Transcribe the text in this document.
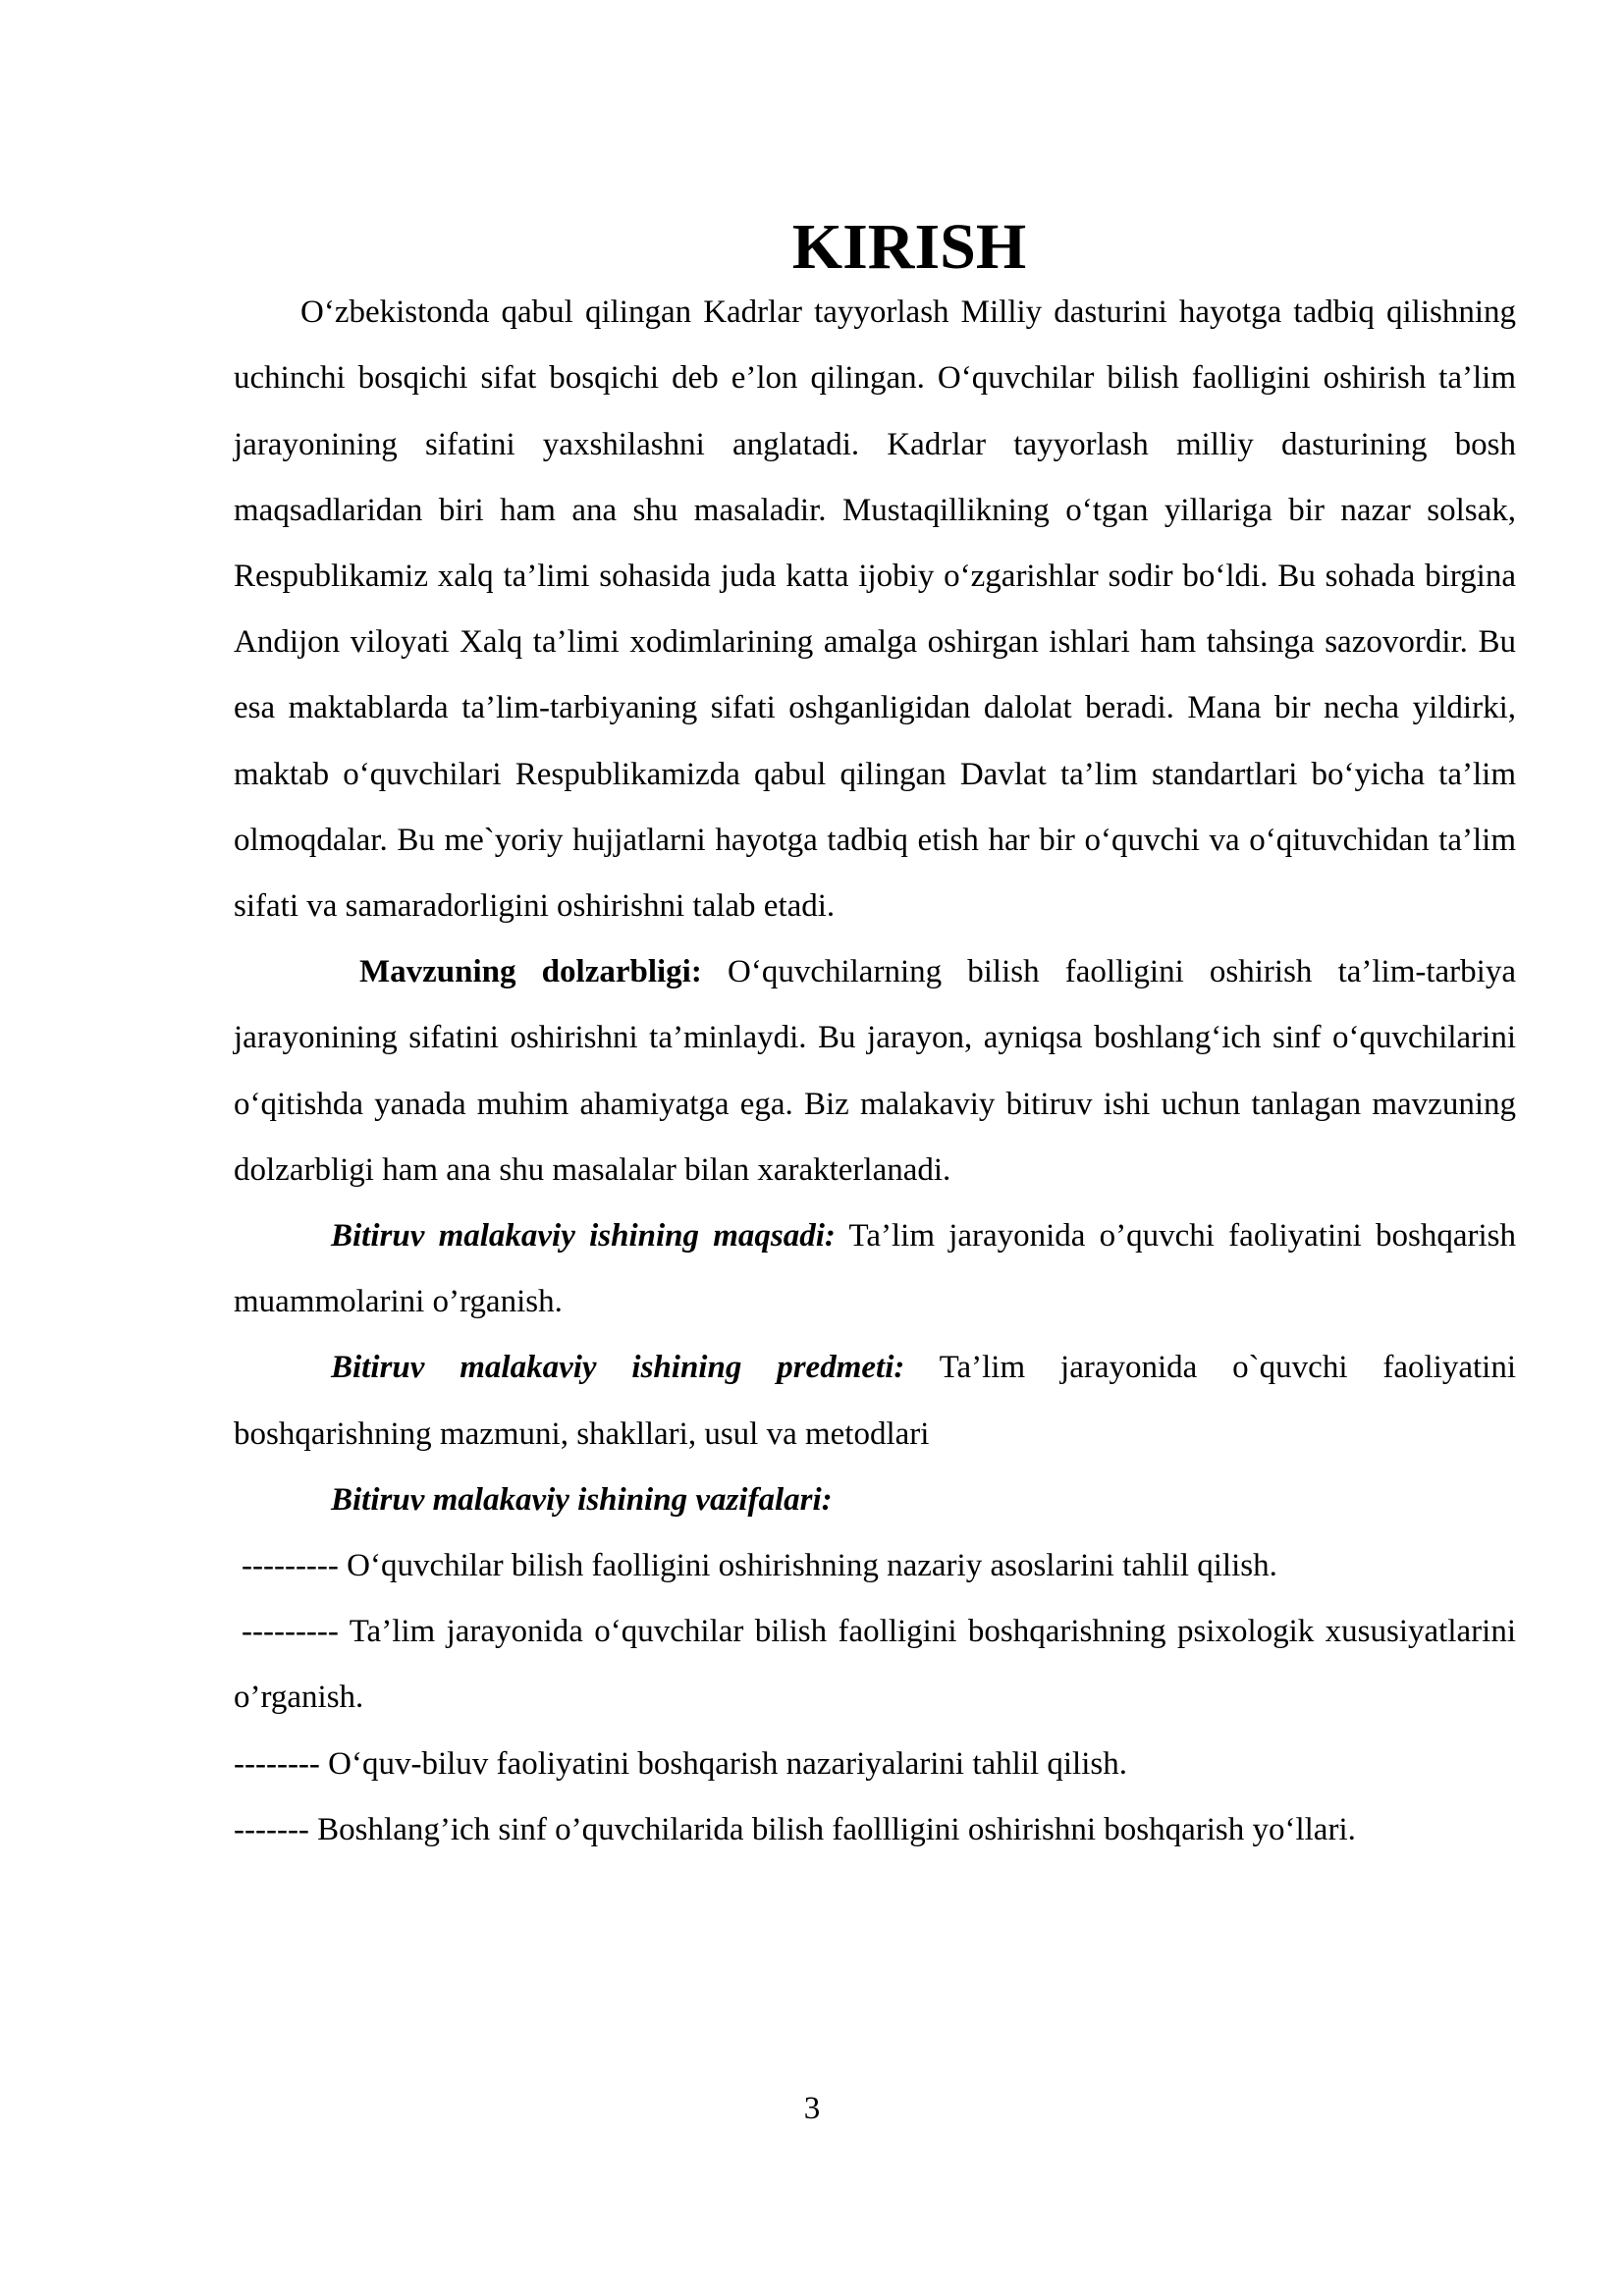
KIRISH

O‘zbekistonda qabul qilingan Kadrlar tayyorlash Milliy dasturini hayotga tadbiq qilishning uchinchi bosqichi sifat bosqichi deb e’lon qilingan. O‘quvchilar bilish faolligini oshirish ta’lim jarayonining sifatini yaxshilashni anglatadi. Kadrlar tayyorlash milliy dasturining bosh maqsadlaridan biri ham ana shu masaladir. Mustaqillikning o‘tgan yillariga bir nazar solsak, Respublikamiz xalq ta’limi sohasida juda katta ijobiy o‘zgarishlar sodir bo‘ldi. Bu sohada birgina Andijon viloyati Xalq ta’limi xodimlarining amalga oshirgan ishlari ham tahsinga sazovordir. Bu esa maktablarda ta’lim-tarbiyaning sifati oshganligidan dalolat beradi. Mana bir necha yildirki, maktab o‘quvchilari Respublikamizda qabul qilingan Davlat ta’lim standartlari bo‘yicha ta’lim olmoqdalar. Bu me`yoriy hujjatlarni hayotga tadbiq etish har bir o‘quvchi va o‘qituvchidan ta’lim sifati va samaradorligini oshirishni talab etadi.

Mavzuning dolzarbligi: O‘quvchilarning bilish faolligini oshirish ta’lim-tarbiya jarayonining sifatini oshirishni ta’minlaydi. Bu jarayon, ayniqsa boshlang‘ich sinf o‘quvchilarini o‘qitishda yanada muhim ahamiyatga ega. Biz malakaviy bitiruv ishi uchun tanlagan mavzuning dolzarbligi ham ana shu masalalar bilan xarakterlanadi.

Bitiruv malakaviy ishining maqsadi: Ta’lim jarayonida o’quvchi faoliyatini boshqarish muammolarini o’rganish.

Bitiruv malakaviy ishining predmeti: Ta’lim jarayonida o`quvchi faoliyatini boshqarishning mazmuni, shakllari, usul va metodlari

Bitiruv malakaviy ishining vazifalari:

--------- O‘quvchilar bilish faolligini oshirishning nazariy asoslarini tahlil qilish.

--------- Ta’lim jarayonida o‘quvchilar bilish faolligini boshqarishning psixologik xususiyatlarini o’rganish.

-------- O‘quv-biluv faoliyatini boshqarish nazariyalarini tahlil qilish.

------- Boshlang’ich sinf o’quvchilarida bilish faollligini oshirishni boshqarish yo‘llari.

3
